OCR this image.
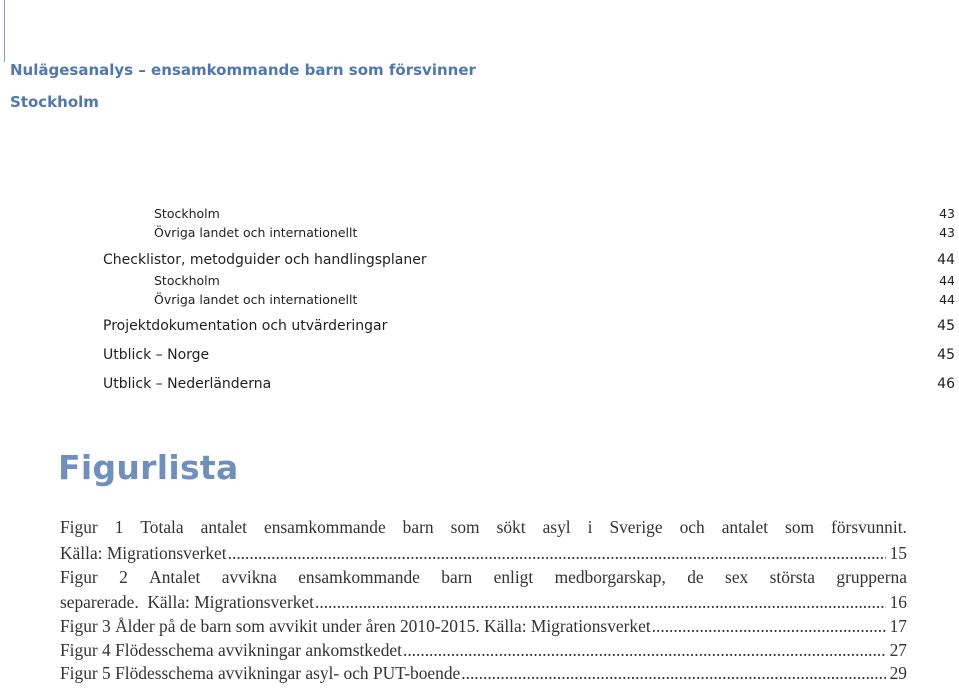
Nulägesanalys – ensamkommande barn som försvinner
Stockholm
Stockholm	43
Övriga landet och internationellt	43
Checklistor, metodguider och handlingsplaner	44
Stockholm	44
Övriga landet och internationellt	44
Projektdokumentation och utvärderingar	45
Utblick – Norge	45
Utblick – Nederländerna	46
Figurlista
Figur 1 Totala antalet ensamkommande barn som sökt asyl i Sverige och antalet som försvunnit.
Källa: Migrationsverket .....	15
Figur 2 Antalet avvikna ensamkommande barn enligt medborgarskap, de sex största grupperna
separerade.  Källa: Migrationsverket .....	16
Figur 3 Ålder på de barn som avvikit under åren 2010-2015. Källa: Migrationsverket .....	17
Figur 4 Flödesschema avvikningar ankomstkedet .....	27
Figur 5 Flödesschema avvikningar asyl- och PUT-boende .....	29
